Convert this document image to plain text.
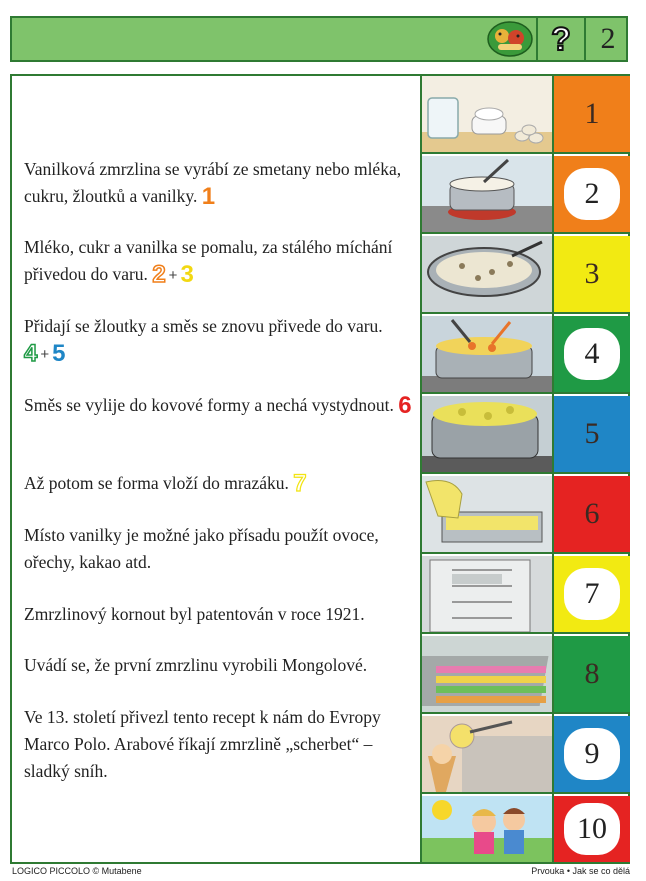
? 2
Vanilková zmrzlina se vyrábí ze smetany nebo mléka, cukru, žloutků a vanilky. 1
Mléko, cukr a vanilka se pomalu, za stálého míchání přivedou do varu. 2 + 3
Přidají se žloutky a směs se znovu přivede do varu. 4 + 5
Směs se vylije do kovové formy a nechá vystydnout. 6
Až potom se forma vloží do mrazáku. 7
Místo vanilky je možné jako přísadu použít ovoce, ořechy, kakao atd.
Zmrzlinový kornout byl patentován v roce 1921.
Uvádí se, že první zmrzlinu vyrobili Mongolové.
Ve 13. století přivezl tento recept k nám do Evropy Marco Polo. Arabové říkají zmrzlině „scherbet“ – sladký sníh.
1
2
3
4
5
6
7
8
9
10
LOGICO PICCOLO © Mutabene	Prvouka • Jak se co dělá
